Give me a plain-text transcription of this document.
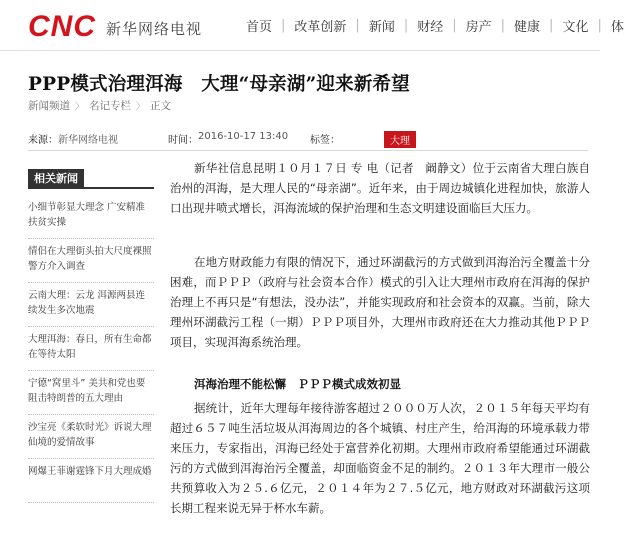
CNC 新华网络电视	首页 | 改革创新 | 新闻 | 财经 | 房产 | 健康 | 文化 | 体
PPP模式治理洱海　大理“母亲湖”迎来新希望
新闻频道 〉 名记专栏 〉 正文
来源： 新华网络电视	时间： 2016-10-17 13:40 标签：	大理
相关新闻
小细节彰显大理念 广安精准扶贫实操
情侣在大理街头拍大尺度裸照 警方介入调查
云南大理：云龙 洱源两县连续发生多次地震
大理洱海：春日，所有生命都在等待太阳
宁德“窝里斗” 美共和党也要阻击特朗普的五大理由
沙宝亮《柔软时光》诉说大理仙境的爱情故事
网爆王菲谢霆锋下月大理成婚

新华社信息昆明１０月１７日 专 电（记者　阚静文）位于云南省大理白族自治州的洱海，是大理人民的“母亲湖”。近年来，由于周边城镇化进程加快，旅游人口出现井喷式增长，洱海流域的保护治理和生态文明建设面临巨大压力。

在地方财政能力有限的情况下，通过环湖截污的方式做到洱海治污全覆盖十分困难，而ＰＰＰ（政府与社会资本合作）模式的引入让大理州市政府在洱海的保护治理上不再只是“有想法，没办法”，并能实现政府和社会资本的双赢。当前，除大理州环湖截污工程（一期）ＰＰＰ项目外，大理州市政府还在大力推动其他ＰＰＰ项目，实现洱海系统治理。

洱海治理不能松懈　ＰＰＰ模式成效初显

据统计，近年大理每年接待游客超过２０００万人次，２０１５年每天平均有超过６５７吨生活垃圾从洱海周边的各个城镇、村庄产生，给洱海的环境承载力带来压力，专家指出，洱海已经处于富营养化初期。大理州市政府希望能通过环湖截污的方式做到洱海治污全覆盖，却面临资金不足的制约。２０１３年大理市一般公共预算收入为２５.６亿元，２０１４年为２７.５亿元，地方财政对环湖截污这项长期工程来说无异于杯水车薪。
